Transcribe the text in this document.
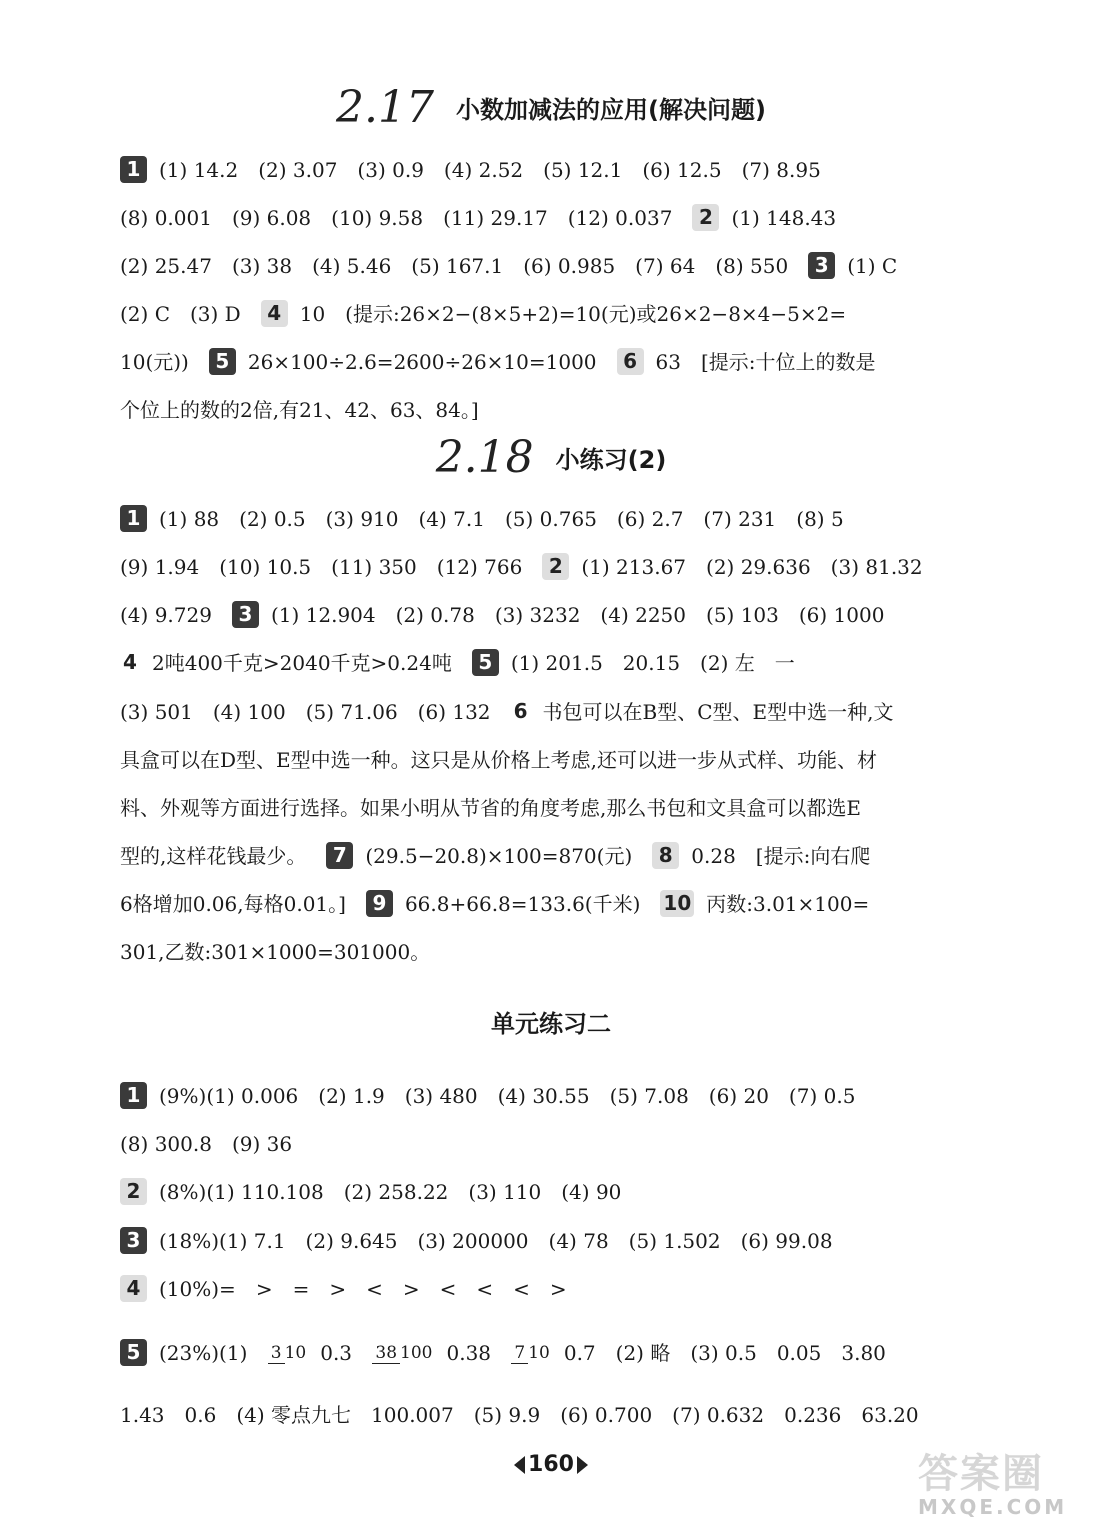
2.17 小数加减法的应用(解决问题)
1 (1) 14.2　(2) 3.07　(3) 0.9　(4) 2.52　(5) 12.1　(6) 12.5　(7) 8.95
(8) 0.001　(9) 6.08　(10) 9.58　(11) 29.17　(12) 0.037 2 (1) 148.43
(2) 25.47　(3) 38　(4) 5.46　(5) 167.1　(6) 0.985　(7) 64　(8) 550 3 (1) C
(2) C　(3) D 4 10　(提示:26×2−(8×5+2)=10(元)或26×2−8×4−5×2=
10(元)) 5 26×100÷2.6=2600÷26×10=1000 6 63　[提示:十位上的数是
个位上的数的2倍,有21、42、63、84。]
2.18 小练习(2)
1 (1) 88　(2) 0.5　(3) 910　(4) 7.1　(5) 0.765　(6) 2.7　(7) 231　(8) 5
(9) 1.94　(10) 10.5　(11) 350　(12) 766 2 (1) 213.67　(2) 29.636　(3) 81.32
(4) 9.729 3 (1) 12.904　(2) 0.78　(3) 3232　(4) 2250　(5) 103　(6) 1000
4 2吨400千克>2040千克>0.24吨 5 (1) 201.5　20.15　(2) 左　一
(3) 501　(4) 100　(5) 71.06　(6) 132 6 书包可以在B型、C型、E型中选一种,文
具盒可以在D型、E型中选一种。这只是从价格上考虑,还可以进一步从式样、功能、材
料、外观等方面进行选择。如果小明从节省的角度考虑,那么书包和文具盒可以都选E
型的,这样花钱最少。 7 (29.5−20.8)×100=870(元) 8 0.28　[提示:向右爬
6格增加0.06,每格0.01。] 9 66.8+66.8=133.6(千米) 10 丙数:3.01×100=
301,乙数:301×1000=301000。
单元练习二
1 (9%)(1) 0.006　(2) 1.9　(3) 480　(4) 30.55　(5) 7.08　(6) 20　(7) 0.5
(8) 300.8　(9) 36
2 (8%)(1) 110.108　(2) 258.22　(3) 110　(4) 90
3 (18%)(1) 7.1　(2) 9.645　(3) 200000　(4) 78　(5) 1.502　(6) 99.08
4 (10%)=　>　=　>　<　>　<　<　<　>
5 (23%)(1) 3 10 0.3 38 100 0.38 7 10 0.7　(2) 略　(3) 0.5　0.05　3.80
1.43　0.6　(4) 零点九七　100.007　(5) 9.9　(6) 0.700　(7) 0.632　0.236　63.20
160	答案圈
MXQE.COM
